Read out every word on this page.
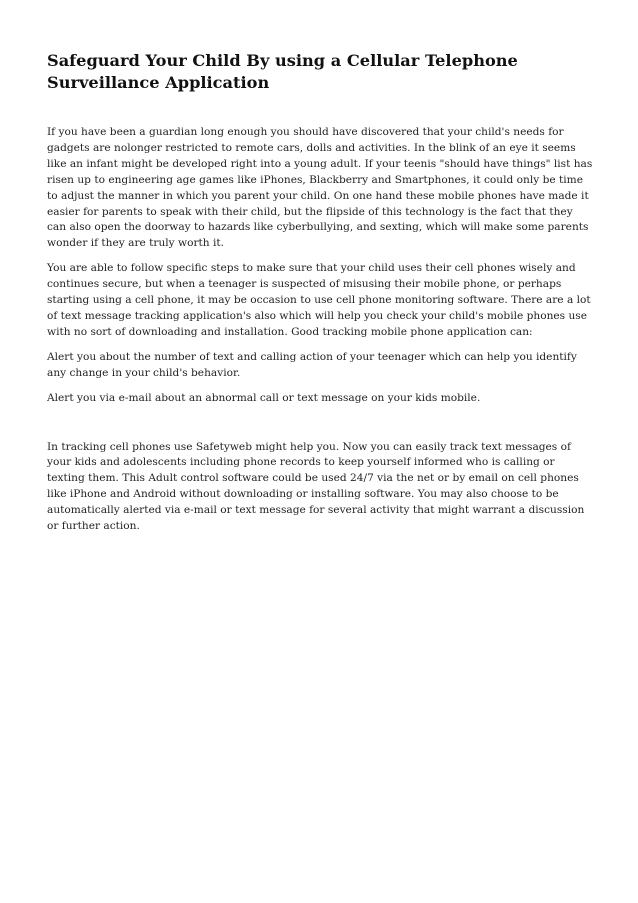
Safeguard Your Child By using a Cellular Telephone Surveillance Application

If you have been a guardian long enough you should have discovered that your child's needs for gadgets are nolonger restricted to remote cars, dolls and activities. In the blink of an eye it seems like an infant might be developed right into a young adult. If your teenis "should have things" list has risen up to engineering age games like iPhones, Blackberry and Smartphones, it could only be time to adjust the manner in which you parent your child. On one hand these mobile phones have made it easier for parents to speak with their child, but the flipside of this technology is the fact that they can also open the doorway to hazards like cyberbullying, and sexting, which will make some parents wonder if they are truly worth it.

You are able to follow specific steps to make sure that your child uses their cell phones wisely and continues secure, but when a teenager is suspected of misusing their mobile phone, or perhaps starting using a cell phone, it may be occasion to use cell phone monitoring software. There are a lot of text message tracking application's also which will help you check your child's mobile phones use with no sort of downloading and installation. Good tracking mobile phone application can:

Alert you about the number of text and calling action of your teenager which can help you identify any change in your child's behavior.

Alert you via e-mail about an abnormal call or text message on your kids mobile.

In tracking cell phones use Safetyweb might help you. Now you can easily track text messages of your kids and adolescents including phone records to keep yourself informed who is calling or texting them. This Adult control software could be used 24/7 via the net or by email on cell phones like iPhone and Android without downloading or installing software. You may also choose to be automatically alerted via e-mail or text message for several activity that might warrant a discussion or further action.
